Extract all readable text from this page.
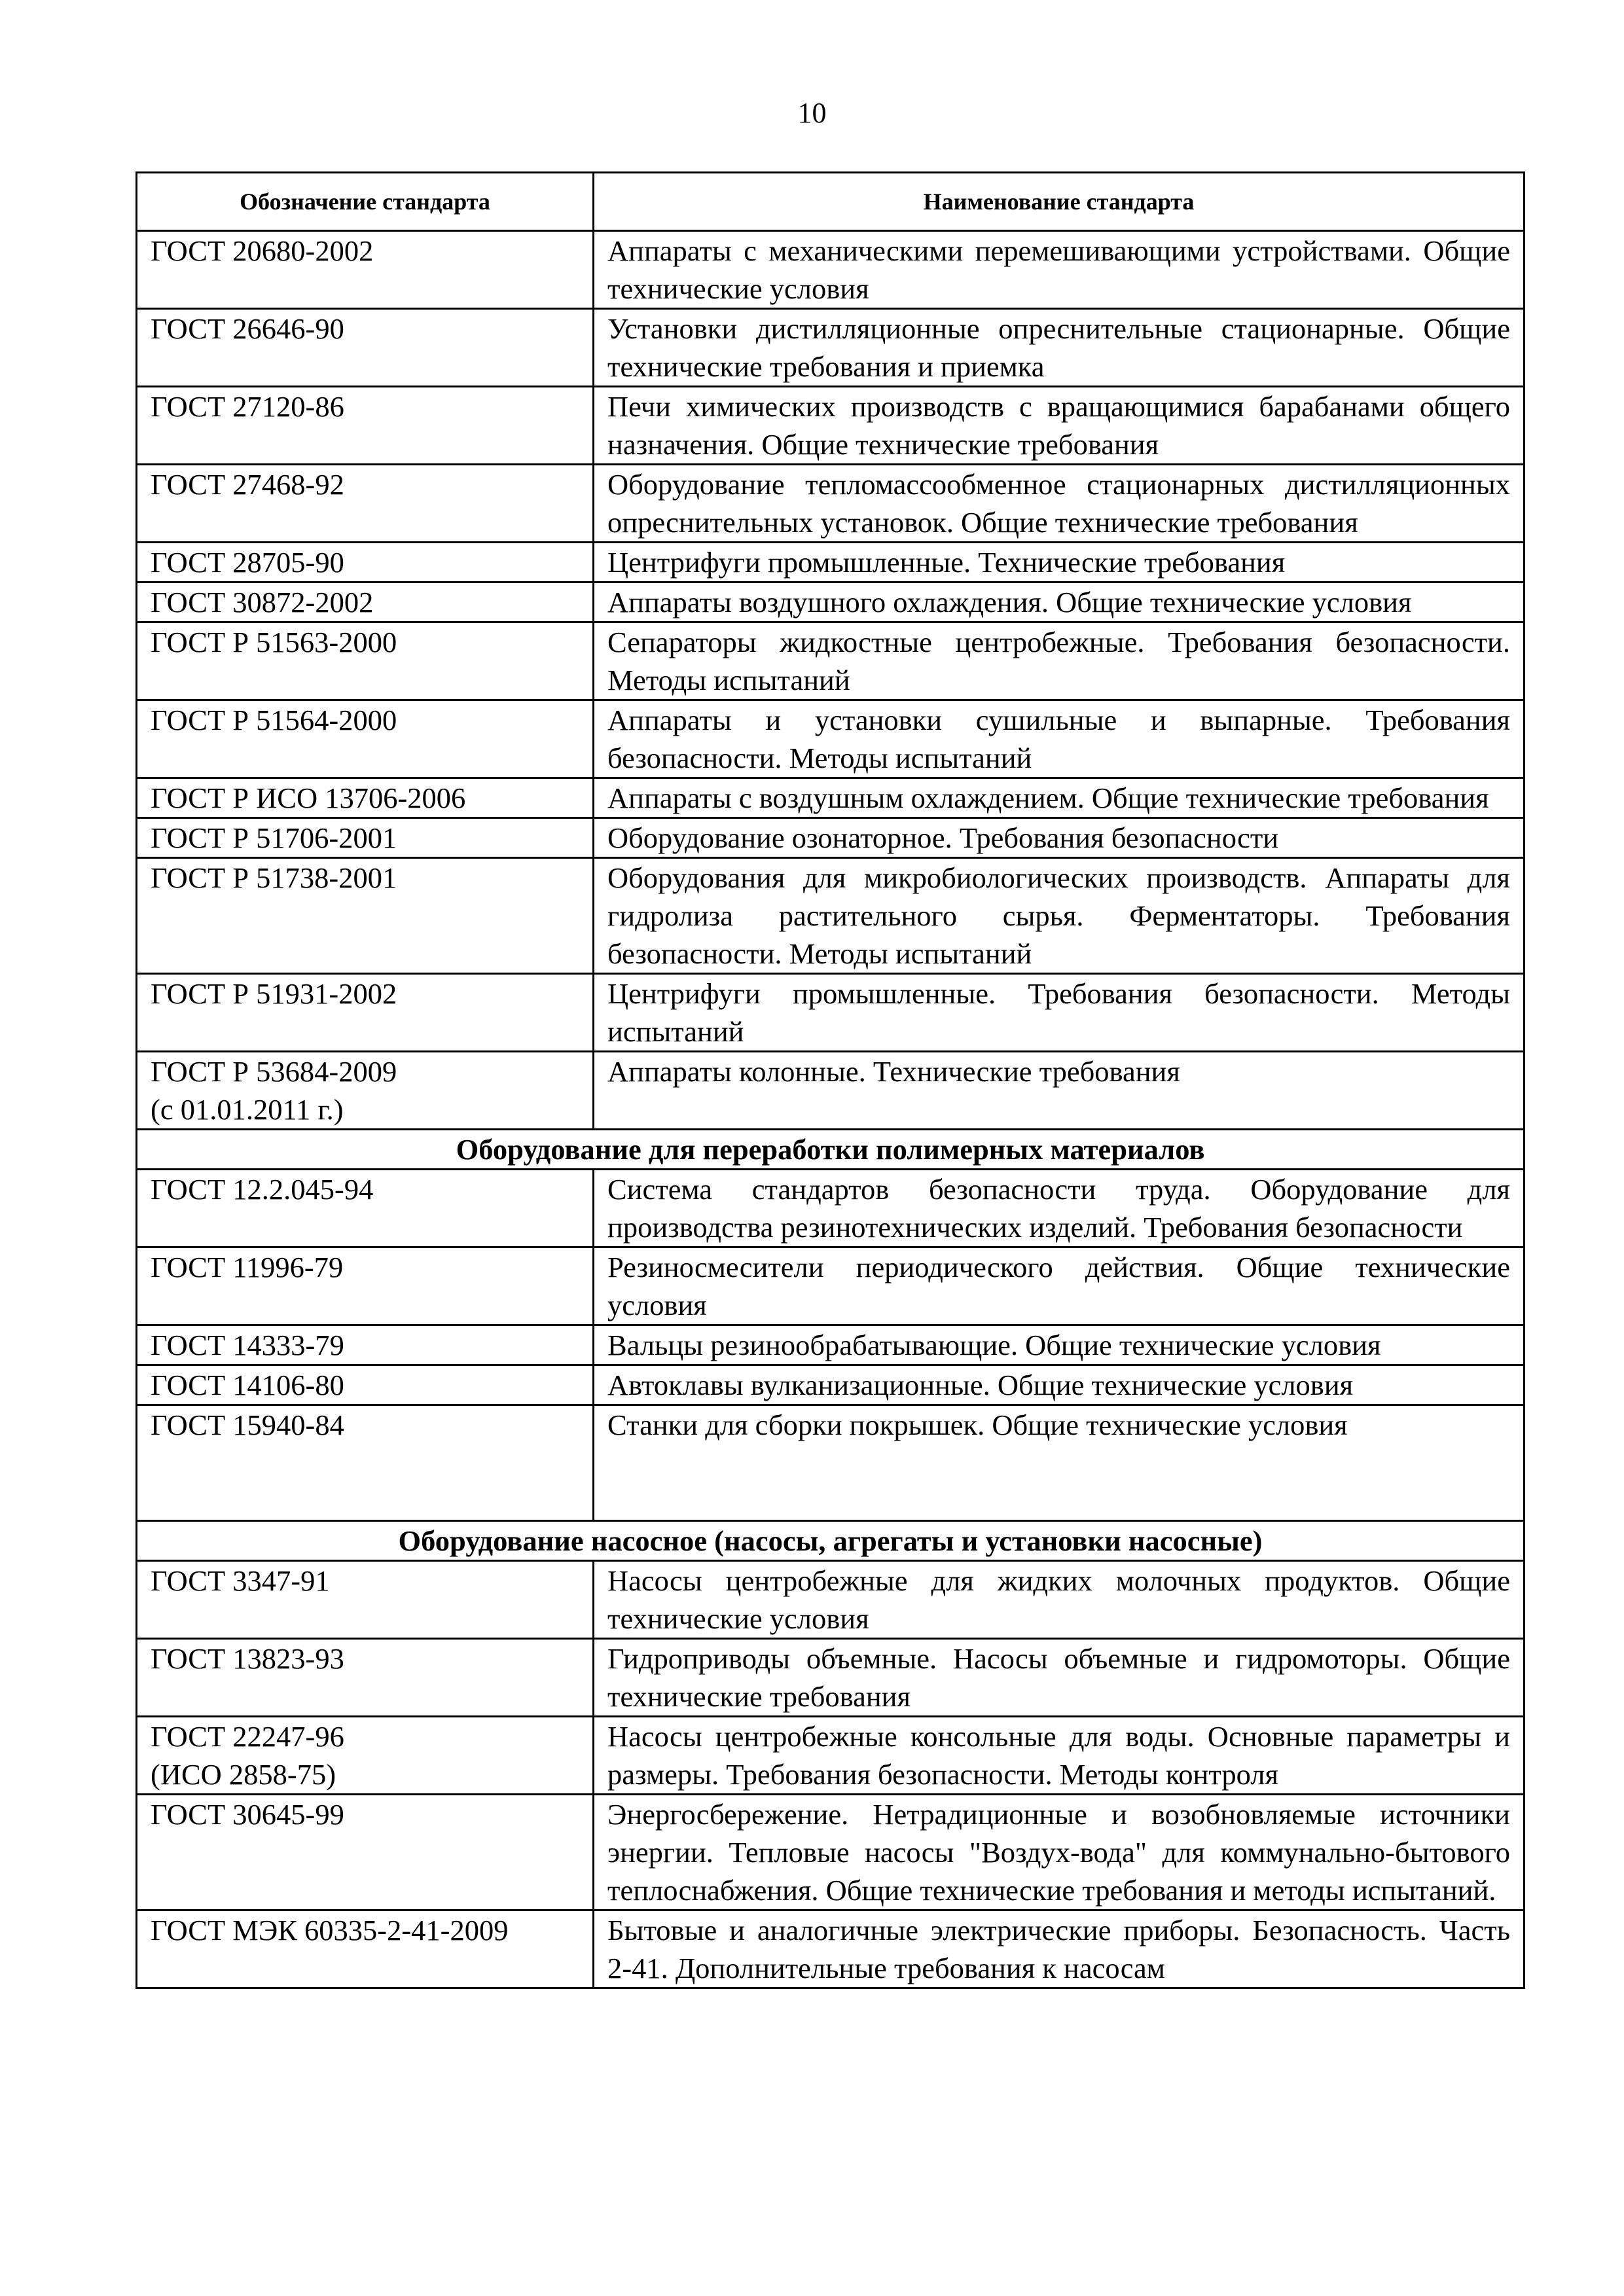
10
Обозначение стандарта	Наименование стандарта
ГОСТ 20680-2002	Аппараты с механическими перемешивающими устройствами. Общие технические условия
ГОСТ 26646-90	Установки дистилляционные опреснительные стационарные. Общие технические требования и приемка
ГОСТ 27120-86	Печи химических производств с вращающимися барабанами общего назначения. Общие технические требования
ГОСТ 27468-92	Оборудование тепломассообменное стационарных дистилляционных опреснительных установок. Общие технические требования
ГОСТ 28705-90	Центрифуги промышленные. Технические требования
ГОСТ 30872-2002	Аппараты воздушного охлаждения. Общие технические условия
ГОСТ Р 51563-2000	Сепараторы жидкостные центробежные. Требования безопасности. Методы испытаний
ГОСТ Р 51564-2000	Аппараты и установки сушильные и выпарные. Требования безопасности. Методы испытаний
ГОСТ Р ИСО 13706-2006	Аппараты с воздушным охлаждением. Общие технические требования
ГОСТ Р 51706-2001	Оборудование озонаторное. Требования безопасности
ГОСТ Р 51738-2001	Оборудования для микробиологических производств. Аппараты для гидролиза растительного сырья. Ферментаторы. Требования безопасности. Методы испытаний
ГОСТ Р 51931-2002	Центрифуги промышленные. Требования безопасности. Методы испытаний

ГОСТ Р 53684-2009
(с 01.01.2011 г.)	Аппараты колонные. Технические требования
Оборудование для переработки полимерных материалов	
ГОСТ 12.2.045-94	Система стандартов безопасности труда. Оборудование для производства резинотехнических изделий. Требования безопасности
ГОСТ 11996-79	Резиносмесители периодического действия. Общие технические условия
ГОСТ 14333-79	Вальцы резинообрабатывающие. Общие технические условия
ГОСТ 14106-80	Автоклавы вулканизационные. Общие технические условия
ГОСТ 15940-84	Станки для сборки покрышек. Общие технические условия
Оборудование насосное (насосы, агрегаты и установки насосные)	
ГОСТ 3347-91	Насосы центробежные для жидких молочных продуктов. Общие технические условия
ГОСТ 13823-93	Гидроприводы объемные. Насосы объемные и гидромоторы. Общие технические требования

ГОСТ 22247-96
(ИСО 2858-75)	Насосы центробежные консольные для воды. Основные параметры и размеры. Требования безопасности. Методы контроля
ГОСТ 30645-99	Энергосбережение. Нетрадиционные и возобновляемые источники энергии. Тепловые насосы "Воздух-вода" для коммунально-бытового теплоснабжения. Общие технические требования и методы испытаний.
ГОСТ МЭК 60335-2-41-2009	Бытовые и аналогичные электрические приборы. Безопасность. Часть 2-41. Дополнительные требования к насосам
